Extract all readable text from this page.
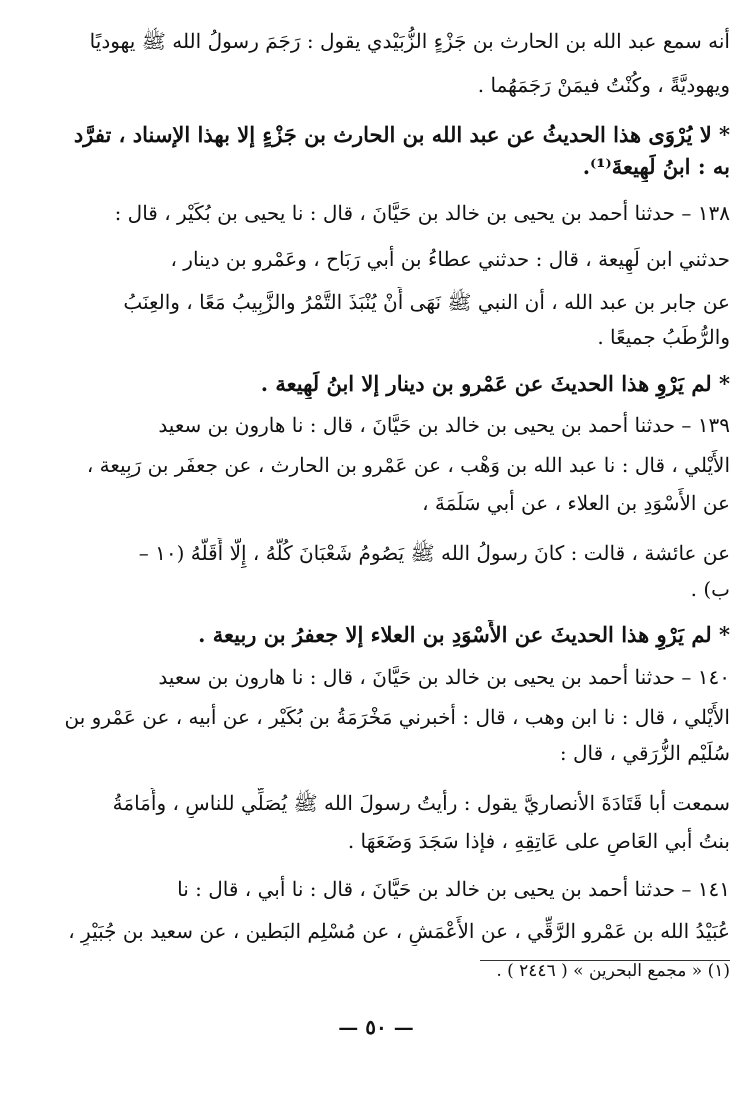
أنه سمع عبد الله بن الحارث بن جَزْءٍ الزُّبَيْدي يقول : رَجَمَ رسولُ الله ﷺ يهوديًا
ويهوديَّةً ، وكُنْتُ فيمَنْ رَجَمَهُما .
* لا يُرْوَى هذا الحديثُ عن عبد الله بن الحارث بن جَزْءٍ إلا بهذا الإسناد ، تفرَّد
به : ابنُ لَهِيعةَ⁽¹⁾.
١٣٨ – حدثنا أحمد بن يحيى بن خالد بن حَيَّانَ ، قال : نا يحيى بن بُكَيْر ، قال :
حدثني ابن لَهِيعة ، قال : حدثني عطاءُ بن أبي رَبَاح ، وعَمْرو بن دينار ،
عن جابر بن عبد الله ، أن النبي ﷺ نَهَى أَنْ يُنْبَذَ التَّمْرُ والزَّبِيبُ مَعًا ، والعِنَبُ
والرُّطَبُ جميعًا .
* لم يَرْوِ هذا الحديثَ عن عَمْرو بن دينار إلا ابنُ لَهِيعة .
١٣٩ – حدثنا أحمد بن يحيى بن خالد بن حَيَّانَ ، قال : نا هارون بن سعيد
الأَيْلي ، قال : نا عبد الله بن وَهْب ، عن عَمْرو بن الحارث ، عن جعفَر بن رَبِيعة ،
عن الأَسْوَدِ بن العلاء ، عن أبي سَلَمَةَ ،
عن عائشة ، قالت : كانَ رسولُ الله ﷺ يَصُومُ شَعْبَانَ كُلَّهُ ، إِلَّا أَقَلَّهُ (١٠ –
ب) .
* لم يَرْوِ هذا الحديثَ عن الأَسْوَدِ بن العلاء إلا جعفرُ بن ربيعة .
١٤٠ – حدثنا أحمد بن يحيى بن خالد بن حَيَّانَ ، قال : نا هارون بن سعيد
الأَيْلي ، قال : نا ابن وهب ، قال : أخبرني مَخْرَمَةُ بن بُكَيْر ، عن أبيه ، عن عَمْرو بن
سُلَيْم الزُّرَقي ، قال :
سمعت أبا قَتَادَةَ الأنصاريَّ يقول : رأيتُ رسولَ الله ﷺ يُصَلِّي للناسِ ، وأُمَامَةُ
بنتُ أبي العَاصِ على عَاتِقِهِ ، فإذا سَجَدَ وَضَعَهَا .
١٤١ – حدثنا أحمد بن يحيى بن خالد بن حَيَّانَ ، قال : نا أبي ، قال : نا
عُبَيْدُ الله بن عَمْرو الرَّقِّي ، عن الأَعْمَشِ ، عن مُسْلِم البَطين ، عن سعيد بن جُبَيْرٍ ،
(١) « مجمع البحرين » ( ٢٤٤٦ ) .
— ٥٠ —
